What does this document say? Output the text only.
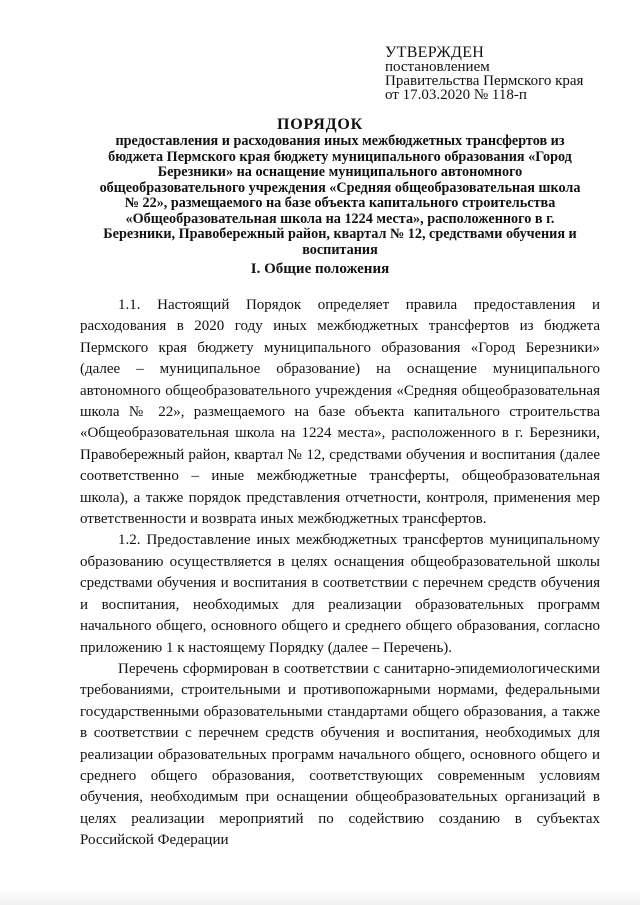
УТВЕРЖДЕН
постановлением
Правительства Пермского края
от 17.03.2020 № 118-п
ПОРЯДОК
предоставления и расходования иных межбюджетных трансфертов из бюджета Пермского края бюджету муниципального образования «Город Березники» на оснащение муниципального автономного общеобразовательного учреждения «Средняя общеобразовательная школа № 22», размещаемого на базе объекта капитального строительства «Общеобразовательная школа на 1224 места», расположенного в г. Березники, Правобережный район, квартал № 12, средствами обучения и воспитания
I. Общие положения

1.1. Настоящий Порядок определяет правила предоставления и расходования в 2020 году иных межбюджетных трансфертов из бюджета Пермского края бюджету муниципального образования «Город Березники» (далее – муниципальное образование) на оснащение муниципального автономного общеобразовательного учреждения «Средняя общеобразовательная школа № 22», размещаемого на базе объекта капитального строительства «Общеобразовательная школа на 1224 места», расположенного в г. Березники, Правобережный район, квартал № 12, средствами обучения и воспитания (далее соответственно – иные межбюджетные трансферты, общеобразовательная школа), а также порядок представления отчетности, контроля, применения мер ответственности и возврата иных межбюджетных трансфертов.

1.2. Предоставление иных межбюджетных трансфертов муниципальному образованию осуществляется в целях оснащения общеобразовательной школы средствами обучения и воспитания в соответствии с перечнем средств обучения и воспитания, необходимых для реализации образовательных программ начального общего, основного общего и среднего общего образования, согласно приложению 1 к настоящему Порядку (далее – Перечень).

Перечень сформирован в соответствии с санитарно-эпидемиологическими требованиями, строительными и противопожарными нормами, федеральными государственными образовательными стандартами общего образования, а также в соответствии с перечнем средств обучения и воспитания, необходимых для реализации образовательных программ начального общего, основного общего и среднего общего образования, соответствующих современным условиям обучения, необходимым при оснащении общеобразовательных организаций в целях реализации мероприятий по содействию созданию в субъектах Российской Федерации
